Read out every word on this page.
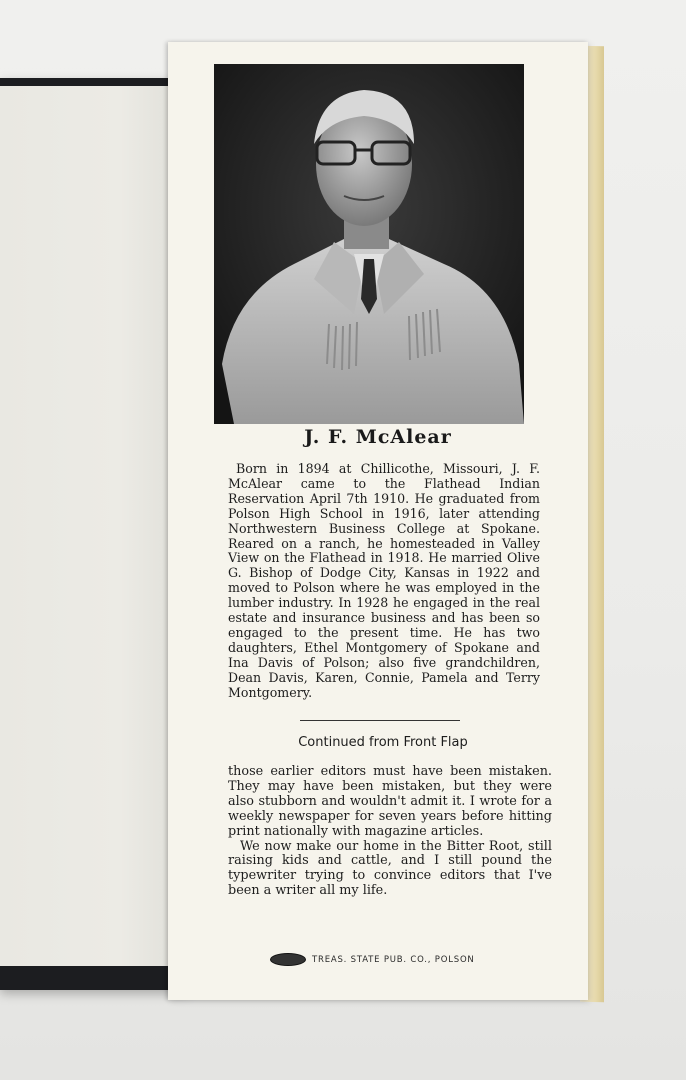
J. F. McAlear

Born in 1894 at Chillicothe, Missouri, J. F. McAlear came to the Flathead Indian Reservation April 7th 1910. He graduated from Polson High School in 1916, later attending Northwestern Business College at Spokane. Reared on a ranch, he homesteaded in Valley View on the Flathead in 1918. He married Olive G. Bishop of Dodge City, Kansas in 1922 and moved to Polson where he was employed in the lumber industry. In 1928 he engaged in the real estate and insurance business and has been so engaged to the present time. He has two daughters, Ethel Montgomery of Spokane and Ina Davis of Polson; also five grandchildren, Dean Davis, Karen, Connie, Pamela and Terry Montgomery.

Continued from Front Flap

those earlier editors must have been mistaken. They may have been mistaken, but they were also stubborn and wouldn't admit it. I wrote for a weekly newspaper for seven years before hitting print nationally with magazine articles.

We now make our home in the Bitter Root, still raising kids and cattle, and I still pound the typewriter trying to convince editors that I've been a writer all my life.

TREAS. STATE PUB. CO., POLSON
